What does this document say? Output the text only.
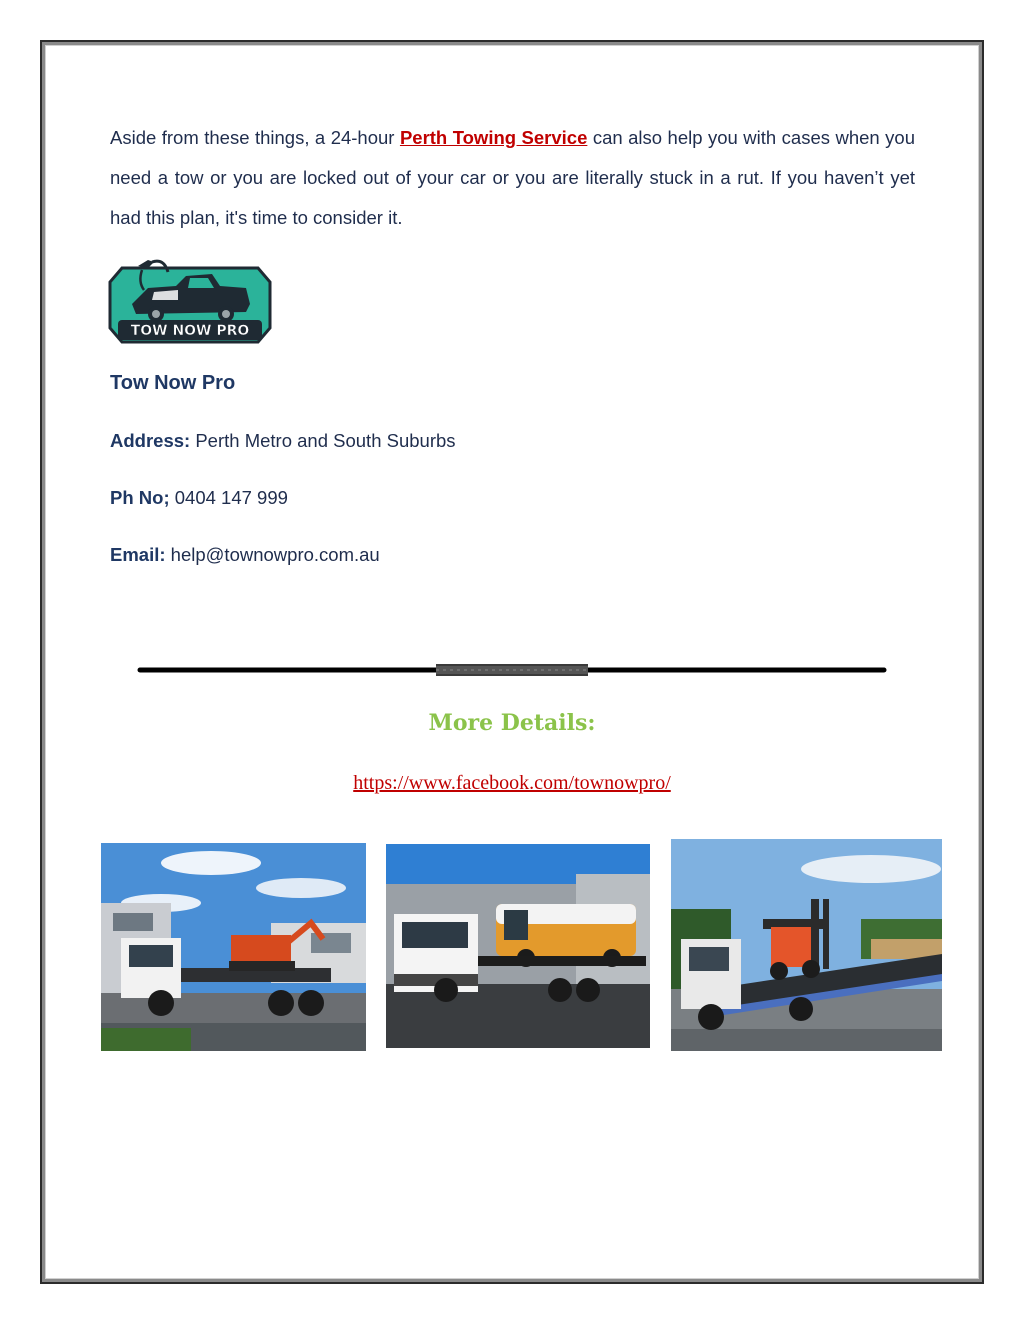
Aside from these things, a 24-hour Perth Towing Service can also help you with cases when you need a tow or you are locked out of your car or you are literally stuck in a rut. If you haven’t yet had this plan, it's time to consider it.

TOW NOW PRO

Tow Now Pro

Address: Perth Metro and South Suburbs

Ph No; 0404 147 999

Email: help@townowpro.com.au

More Details:

https://www.facebook.com/townowpro/
